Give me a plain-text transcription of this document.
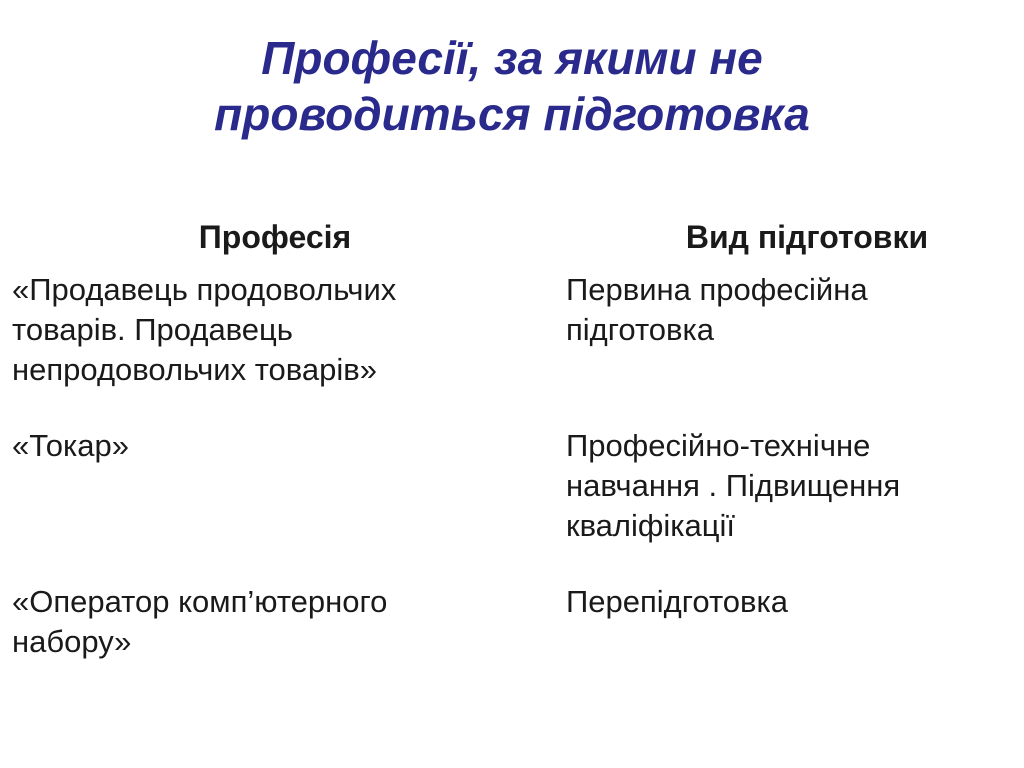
Професії, за якими не
проводиться підготовка
Професія	Вид підготовки
«Продавець продовольчих
товарів. Продавець
непродовольчих товарів»
Первина професійна
підготовка
«Токар»	Професійно-технічне
навчання . Підвищення
кваліфікації
«Оператор комп’ютерного
набору»
Перепідготовка
